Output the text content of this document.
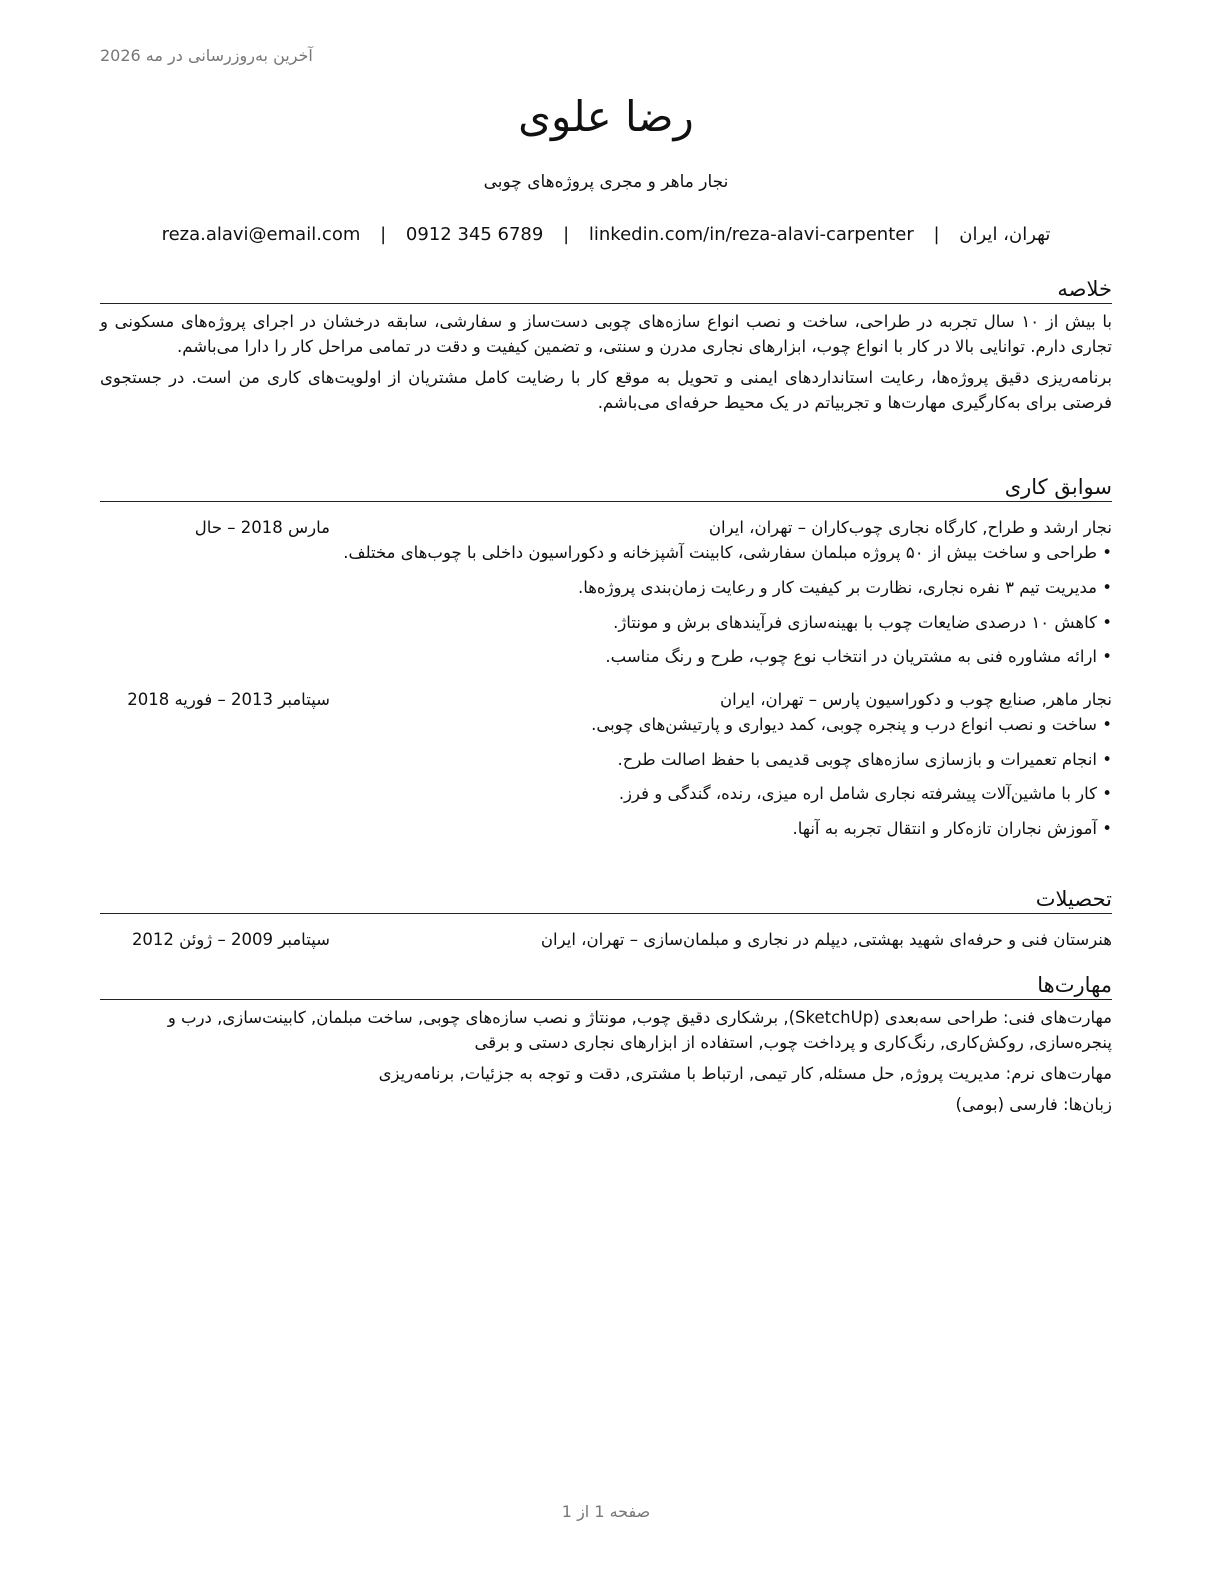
آخرین به‌روزرسانی در مه 2026
رضا علوی
نجار ماهر و مجری پروژه‌های چوبی
تهران، ایران | reza.alavi@email.com | 0912 345 6789 | linkedin.com/in/reza-alavi-carpenter
خلاصه

با بیش از ۱۰ سال تجربه در طراحی، ساخت و نصب انواع سازه‌های چوبی دست‌ساز و سفارشی، سابقه درخشان در اجرای پروژه‌های مسکونی و تجاری دارم. توانایی بالا در کار با انواع چوب، ابزارهای نجاری مدرن و سنتی، و تضمین کیفیت و دقت در تمامی مراحل کار را دارا می‌باشم.

برنامه‌ریزی دقیق پروژه‌ها، رعایت استانداردهای ایمنی و تحویل به موقع کار با رضایت کامل مشتریان از اولویت‌های کاری من است. در جستجوی فرصتی برای به‌کارگیری مهارت‌ها و تجربیاتم در یک محیط حرفه‌ای می‌باشم.

سوابق کاری
نجار ارشد و طراح, کارگاه نجاری چوب‌کاران – تهران، ایران
مارس 2018 – حال
• طراحی و ساخت بیش از ۵۰ پروژه مبلمان سفارشی، کابینت آشپزخانه و دکوراسیون داخلی با چوب‌های مختلف.
• مدیریت تیم ۳ نفره نجاری، نظارت بر کیفیت کار و رعایت زمان‌بندی پروژه‌ها.
• کاهش ۱۰ درصدی ضایعات چوب با بهینه‌سازی فرآیندهای برش و مونتاژ.
• ارائه مشاوره فنی به مشتریان در انتخاب نوع چوب، طرح و رنگ مناسب.
نجار ماهر, صنایع چوب و دکوراسیون پارس – تهران، ایران
سپتامبر 2013 – فوریه 2018
• ساخت و نصب انواع درب و پنجره چوبی، کمد دیواری و پارتیشن‌های چوبی.
• انجام تعمیرات و بازسازی سازه‌های چوبی قدیمی با حفظ اصالت طرح.
• کار با ماشین‌آلات پیشرفته نجاری شامل اره میزی، رنده، گندگی و فرز.
• آموزش نجاران تازه‌کار و انتقال تجربه به آنها.
تحصیلات
هنرستان فنی و حرفه‌ای شهید بهشتی, دیپلم در نجاری و مبلمان‌سازی – تهران، ایران
سپتامبر 2009 – ژوئن 2012
مهارت‌ها

مهارت‌های فنی: طراحی سه‌بعدی (SketchUp), برشکاری دقیق چوب, مونتاژ و نصب سازه‌های چوبی, ساخت مبلمان, کابینت‌سازی, درب و پنجره‌سازی, روکش‌کاری, رنگ‌کاری و پرداخت چوب, استفاده از ابزارهای نجاری دستی و برقی

مهارت‌های نرم: مدیریت پروژه, حل مسئله, کار تیمی, ارتباط با مشتری, دقت و توجه به جزئیات, برنامه‌ریزی

زبان‌ها: فارسی (بومی)

صفحه 1 از 1
